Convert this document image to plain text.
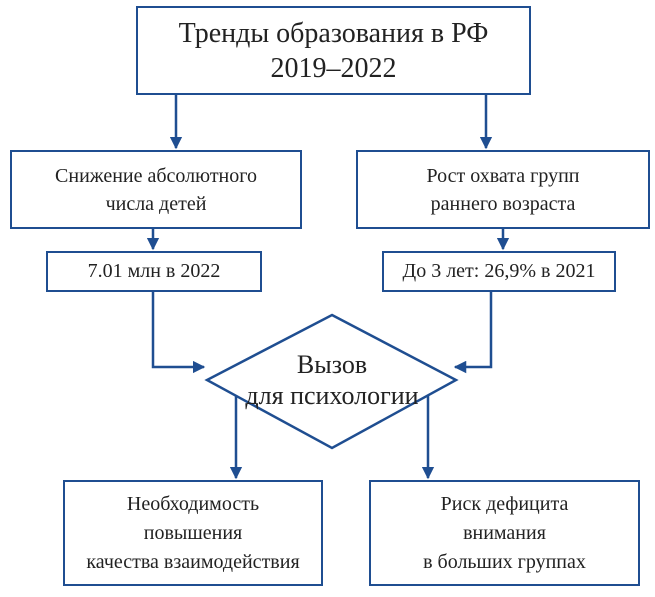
Тренды образования в РФ
2019–2022
Снижение абсолютного
числа детей
Рост охвата групп
раннего возраста
7.01 млн в 2022	До 3 лет: 26,9% в 2021
Вызов
для психологии
Необходимость
повышения
качества взаимодействия
Риск дефицита
внимания
в больших группах
